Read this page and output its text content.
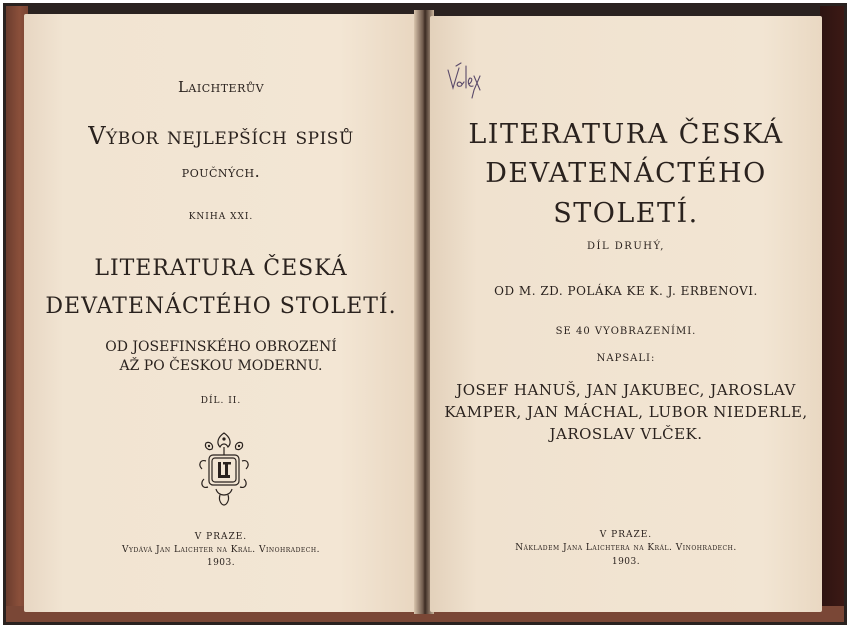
Laichterův
Výbor nejlepších spisů
poučných.
KNIHA XXI.
LITERATURA ČESKÁ
DEVATENÁCTÉHO STOLETÍ.
OD JOSEFINSKÉHO OBROZENÍ
AŽ PO ČESKOU MODERNU.
DÍL. II.
V PRAZE.
Vydává Jan Laichter na Král. Vinohradech.
1903.
LITERATURA ČESKÁ
DEVATENÁCTÉHO
STOLETÍ.
DÍL DRUHÝ,
OD M. ZD. POLÁKA KE K. J. ERBENOVI.
SE 40 VYOBRAZENÍMI.
NAPSALI:
JOSEF HANUŠ, JAN JAKUBEC, JAROSLAV
KAMPER, JAN MÁCHAL, LUBOR NIEDERLE,
JAROSLAV VLČEK.
V PRAZE.
Nákladem Jana Laichtera na Král. Vinohradech.
1903.
